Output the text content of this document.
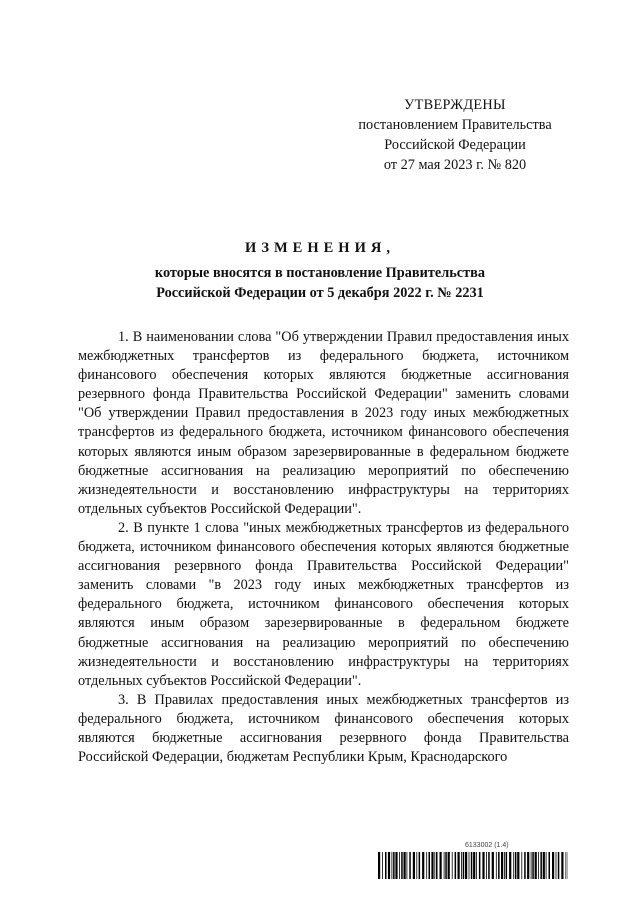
УТВЕРЖДЕНЫ
постановлением Правительства
Российской Федерации
от 27 мая 2023 г. № 820
ИЗМЕНЕНИЯ,
которые вносятся в постановление Правительства
Российской Федерации от 5 декабря 2022 г. № 2231

1. В наименовании слова "Об утверждении Правил предоставления иных межбюджетных трансфертов из федерального бюджета, источником финансового обеспечения которых являются бюджетные ассигнования резервного фонда Правительства Российской Федерации" заменить словами "Об утверждении Правил предоставления в 2023 году иных межбюджетных трансфертов из федерального бюджета, источником финансового обеспечения которых являются иным образом зарезервированные в федеральном бюджете бюджетные ассигнования на реализацию мероприятий по обеспечению жизнедеятельности и восстановлению инфраструктуры на территориях отдельных субъектов Российской Федерации".

2. В пункте 1 слова "иных межбюджетных трансфертов из федерального бюджета, источником финансового обеспечения которых являются бюджетные ассигнования резервного фонда Правительства Российской Федерации" заменить словами "в 2023 году иных межбюджетных трансфертов из федерального бюджета, источником финансового обеспечения которых являются иным образом зарезервированные в федеральном бюджете бюджетные ассигнования на реализацию мероприятий по обеспечению жизнедеятельности и восстановлению инфраструктуры на территориях отдельных субъектов Российской Федерации".

3. В Правилах предоставления иных межбюджетных трансфертов из федерального бюджета, источником финансового обеспечения которых являются бюджетные ассигнования резервного фонда Правительства Российской Федерации, бюджетам Республики Крым, Краснодарского

6133002 (1.4)
